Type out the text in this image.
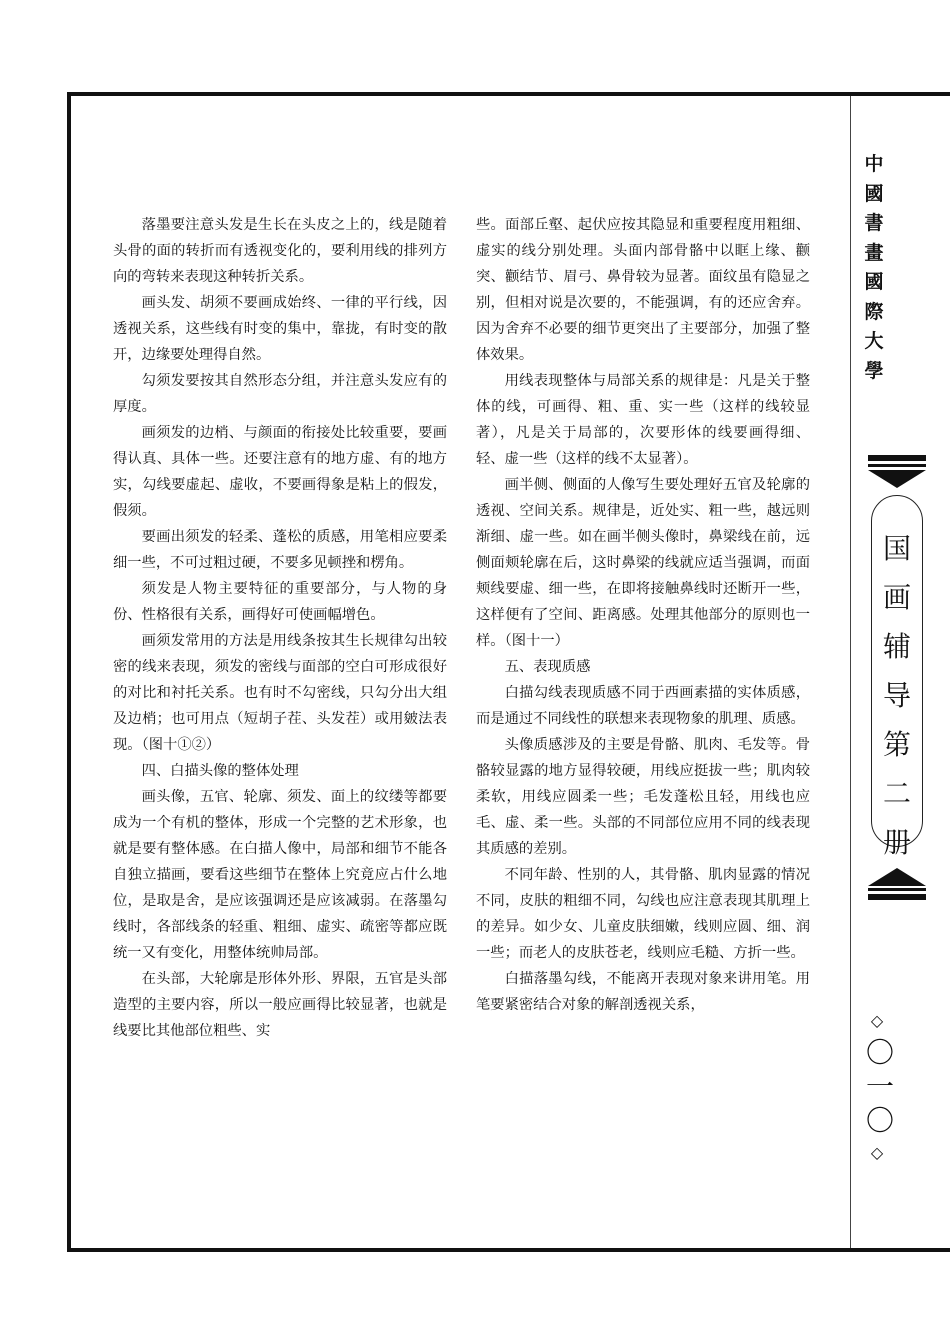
落墨要注意头发是生长在头皮之上的，线是随着头骨的面的转折而有透视变化的，要利用线的排列方向的弯转来表现这种转折关系。

画头发、胡须不要画成始终、一律的平行线，因透视关系，这些线有时变的集中，靠拢，有时变的散开，边缘要处理得自然。

勾须发要按其自然形态分组，并注意头发应有的厚度。

画须发的边梢、与颜面的衔接处比较重要，要画得认真、具体一些。还要注意有的地方虚、有的地方实，勾线要虚起、虚收，不要画得象是粘上的假发，假须。

要画出须发的轻柔、蓬松的质感，用笔相应要柔细一些，不可过粗过硬，不要多见顿挫和楞角。

须发是人物主要特征的重要部分，与人物的身份、性格很有关系，画得好可使画幅增色。

画须发常用的方法是用线条按其生长规律勾出较密的线来表现，须发的密线与面部的空白可形成很好的对比和衬托关系。也有时不勾密线，只勾分出大组及边梢；也可用点（短胡子茬、头发茬）或用皴法表现。（图十①②）

四、白描头像的整体处理

画头像，五官、轮廓、须发、面上的纹缕等都要成为一个有机的整体，形成一个完整的艺术形象，也就是要有整体感。在白描人像中，局部和细节不能各自独立描画，要看这些细节在整体上究竟应占什么地位，是取是舍，是应该强调还是应该减弱。在落墨勾线时，各部线条的轻重、粗细、虚实、疏密等都应既统一又有变化，用整体统帅局部。

在头部，大轮廓是形体外形、界限，五官是头部造型的主要内容，所以一般应画得比较显著，也就是线要比其他部位粗些、实

些。面部丘壑、起伏应按其隐显和重要程度用粗细、虚实的线分别处理。头面内部骨骼中以眶上缘、颧突、颧结节、眉弓、鼻骨较为显著。面纹虽有隐显之别，但相对说是次要的，不能强调，有的还应舍弃。因为舍弃不必要的细节更突出了主要部分，加强了整体效果。

用线表现整体与局部关系的规律是：凡是关于整体的线，可画得、粗、重、实一些（这样的线较显著），凡是关于局部的，次要形体的线要画得细、轻、虚一些（这样的线不太显著）。

画半侧、侧面的人像写生要处理好五官及轮廓的透视、空间关系。规律是，近处实、粗一些，越远则渐细、虚一些。如在画半侧头像时，鼻梁线在前，远侧面颊轮廓在后，这时鼻梁的线就应适当强调，而面颊线要虚、细一些，在即将接触鼻线时还断开一些，这样便有了空间、距离感。处理其他部分的原则也一样。（图十一）

五、表现质感

白描勾线表现质感不同于西画素描的实体质感，而是通过不同线性的联想来表现物象的肌理、质感。

头像质感涉及的主要是骨骼、肌肉、毛发等。骨骼较显露的地方显得较硬，用线应挺拔一些；肌肉较柔软，用线应圆柔一些；毛发蓬松且轻，用线也应毛、虚、柔一些。头部的不同部位应用不同的线表现其质感的差别。

不同年龄、性别的人，其骨骼、肌肉显露的情况不同，皮肤的粗细不同，勾线也应注意表现其肌理上的差异。如少女、儿童皮肤细嫩，线则应圆、细、润一些；而老人的皮肤苍老，线则应毛糙、方折一些。

白描落墨勾线，不能离开表现对象来讲用笔。用笔要紧密结合对象的解剖透视关系，

中
國
書
畫
國
際
大
學
国
画
辅
导
第
二
册
◇
〇
一
〇
◇
